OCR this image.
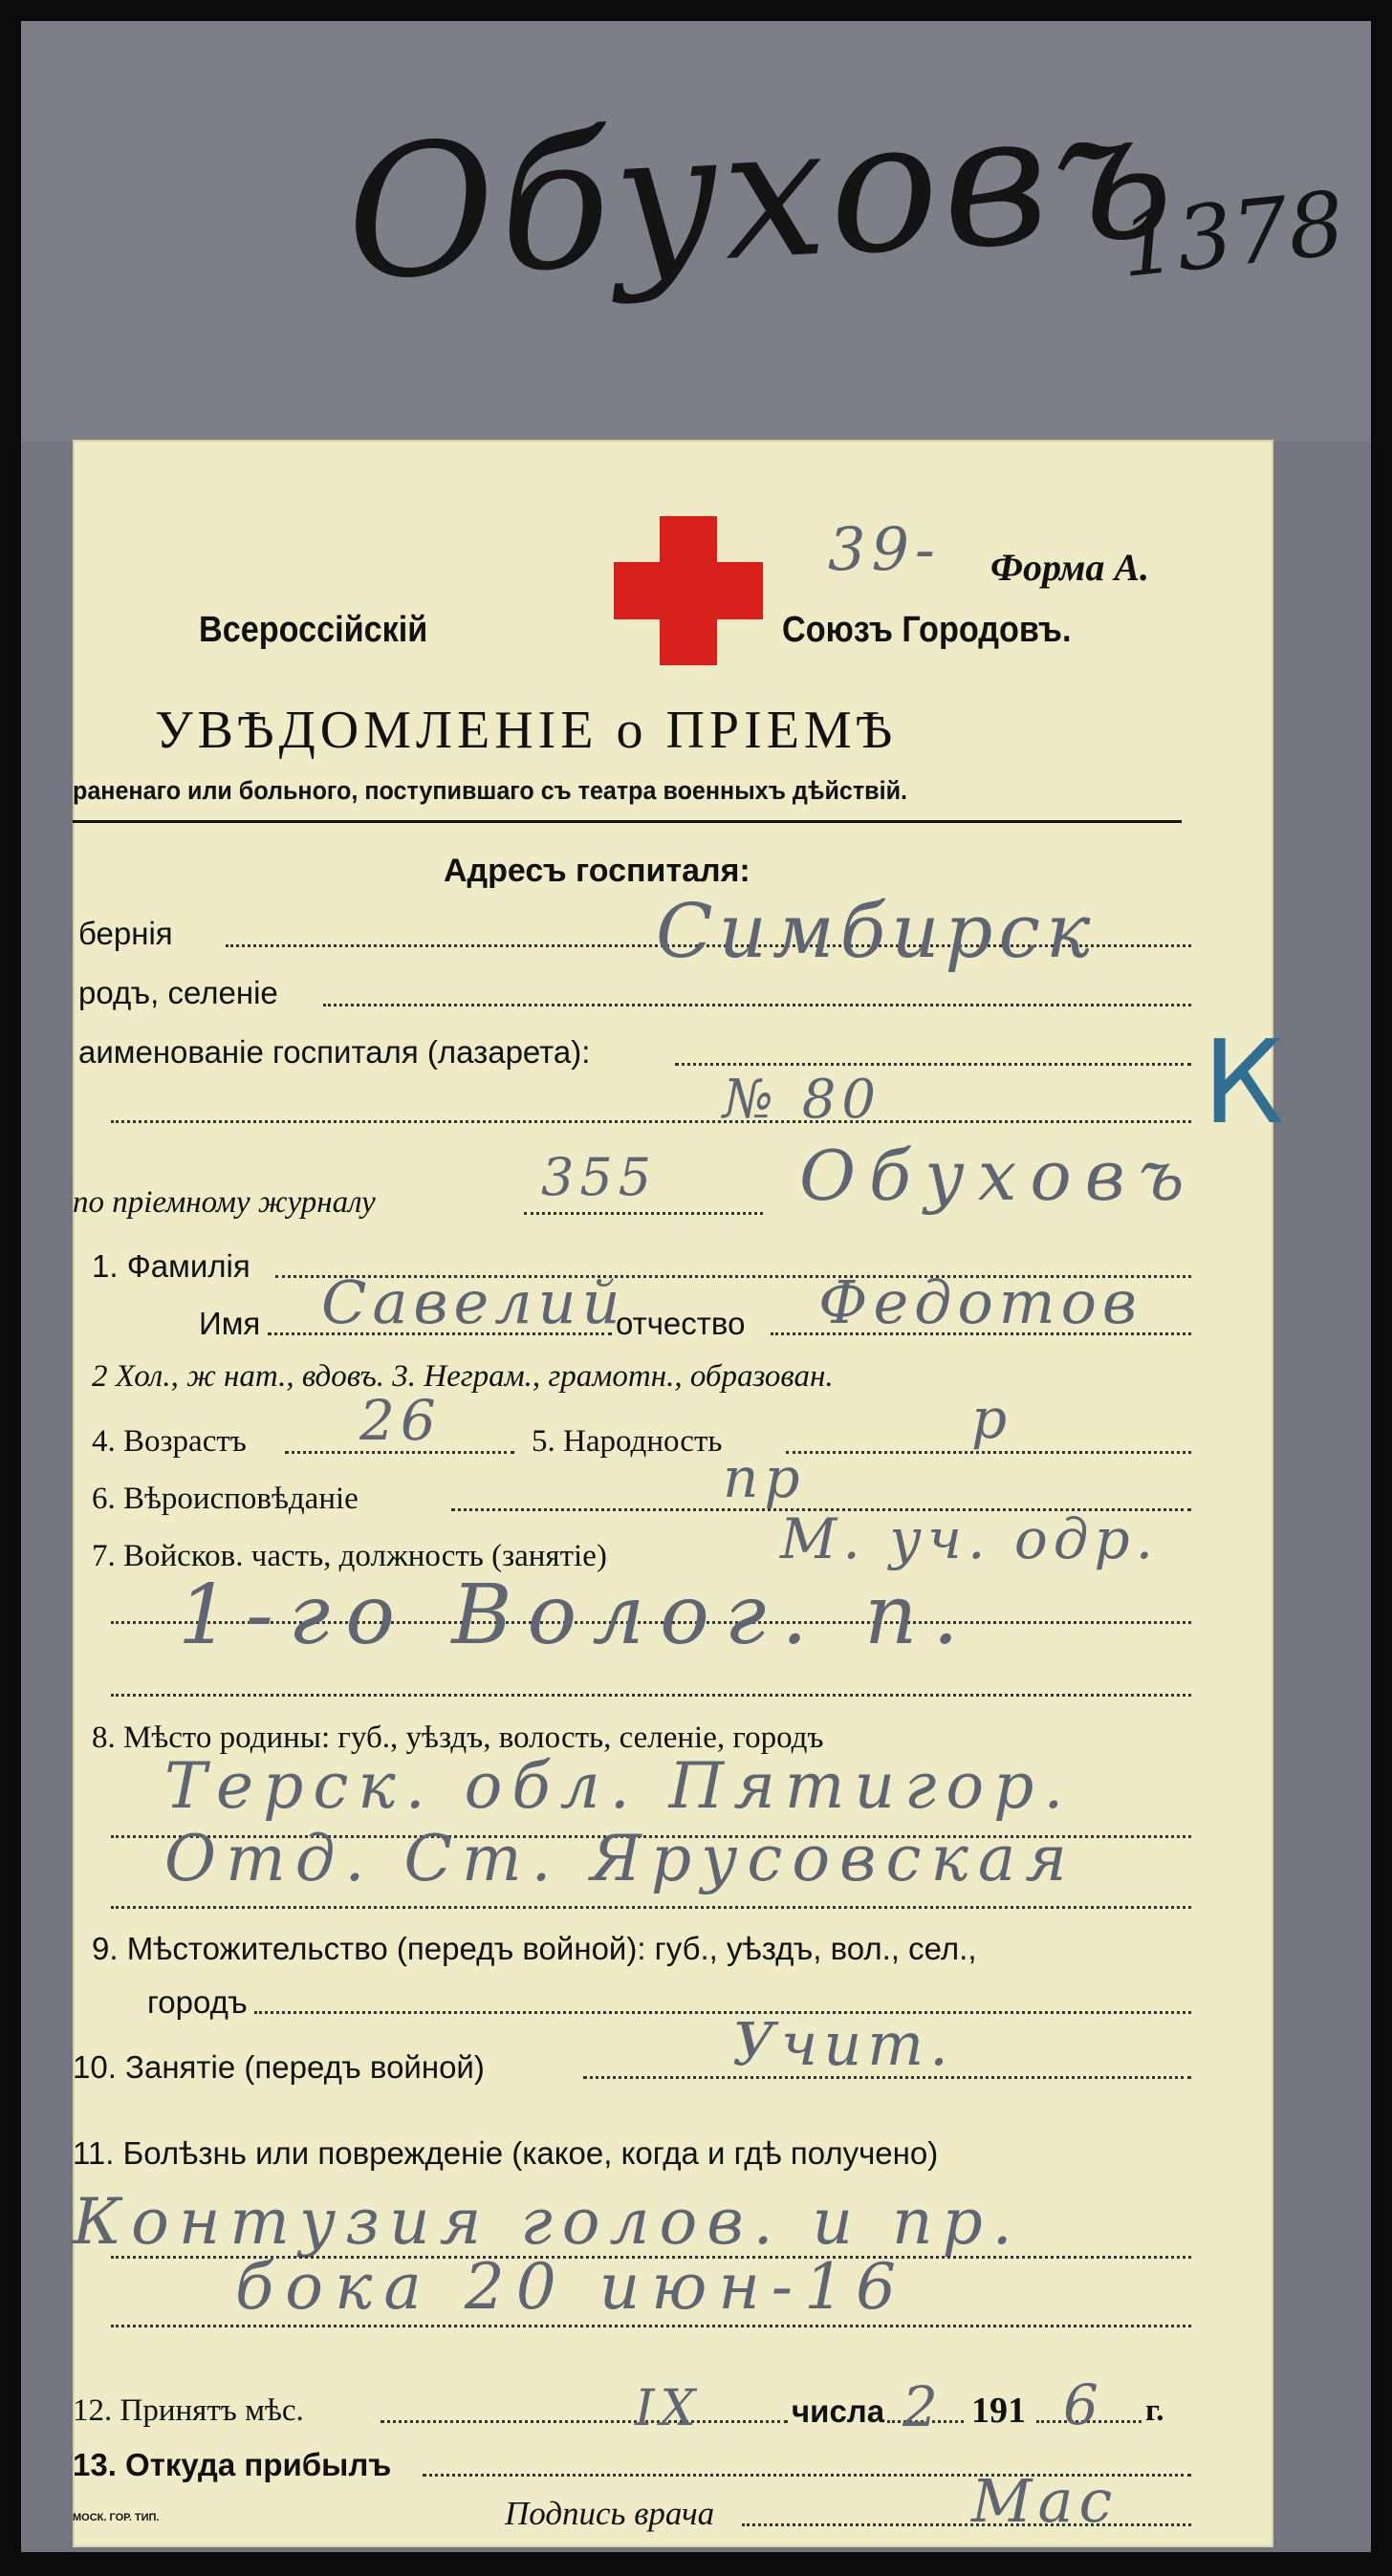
Обуховъ
1378
39- Форма А.
Всероссійскій	Союзъ Городовъ.
УВѢДОМЛЕНІЕ о ПРІЕМѢ
раненаго или больного, поступившаго съ театра военныхъ дѣйствій.
Адресъ госпиталя:
бернія	Симбирск
родъ, селеніе
аименованіе госпиталя (лазарета):
№ 80	К
по пріемному журналу	355 Обуховъ
1. Фамилія
Имя Савелий
отчество Федотов
2 Хол., ж нат., вдовъ. 3. Неграм., грамотн., образован.
4. Возрастъ 26	5. Народность	р
6. Вѣроисповѣданіе	пр
7. Войсков. часть, должность (занятіе)	М. уч. одр.
1-го Волог. п.
8. Мѣсто родины: губ., уѣздъ, волость, селеніе, городъ
Терск. обл. Пятигор.
Отд. Ст. Ярусовская
9. Мѣстожительство (передъ войной): губ., уѣздъ, вол., сел.,
городъ
10. Занятіе (передъ войной)	Учит.
11. Болѣзнь или поврежденіе (какое, когда и гдѣ получено)
Контузия голов. и пр.
бока 20 июн-16
12. Принятъ мѣс.	IX	числа 2 191 6 г.
13. Откуда прибылъ
МОСК. ГОР. ТИП.	Подпись врача	Мас
